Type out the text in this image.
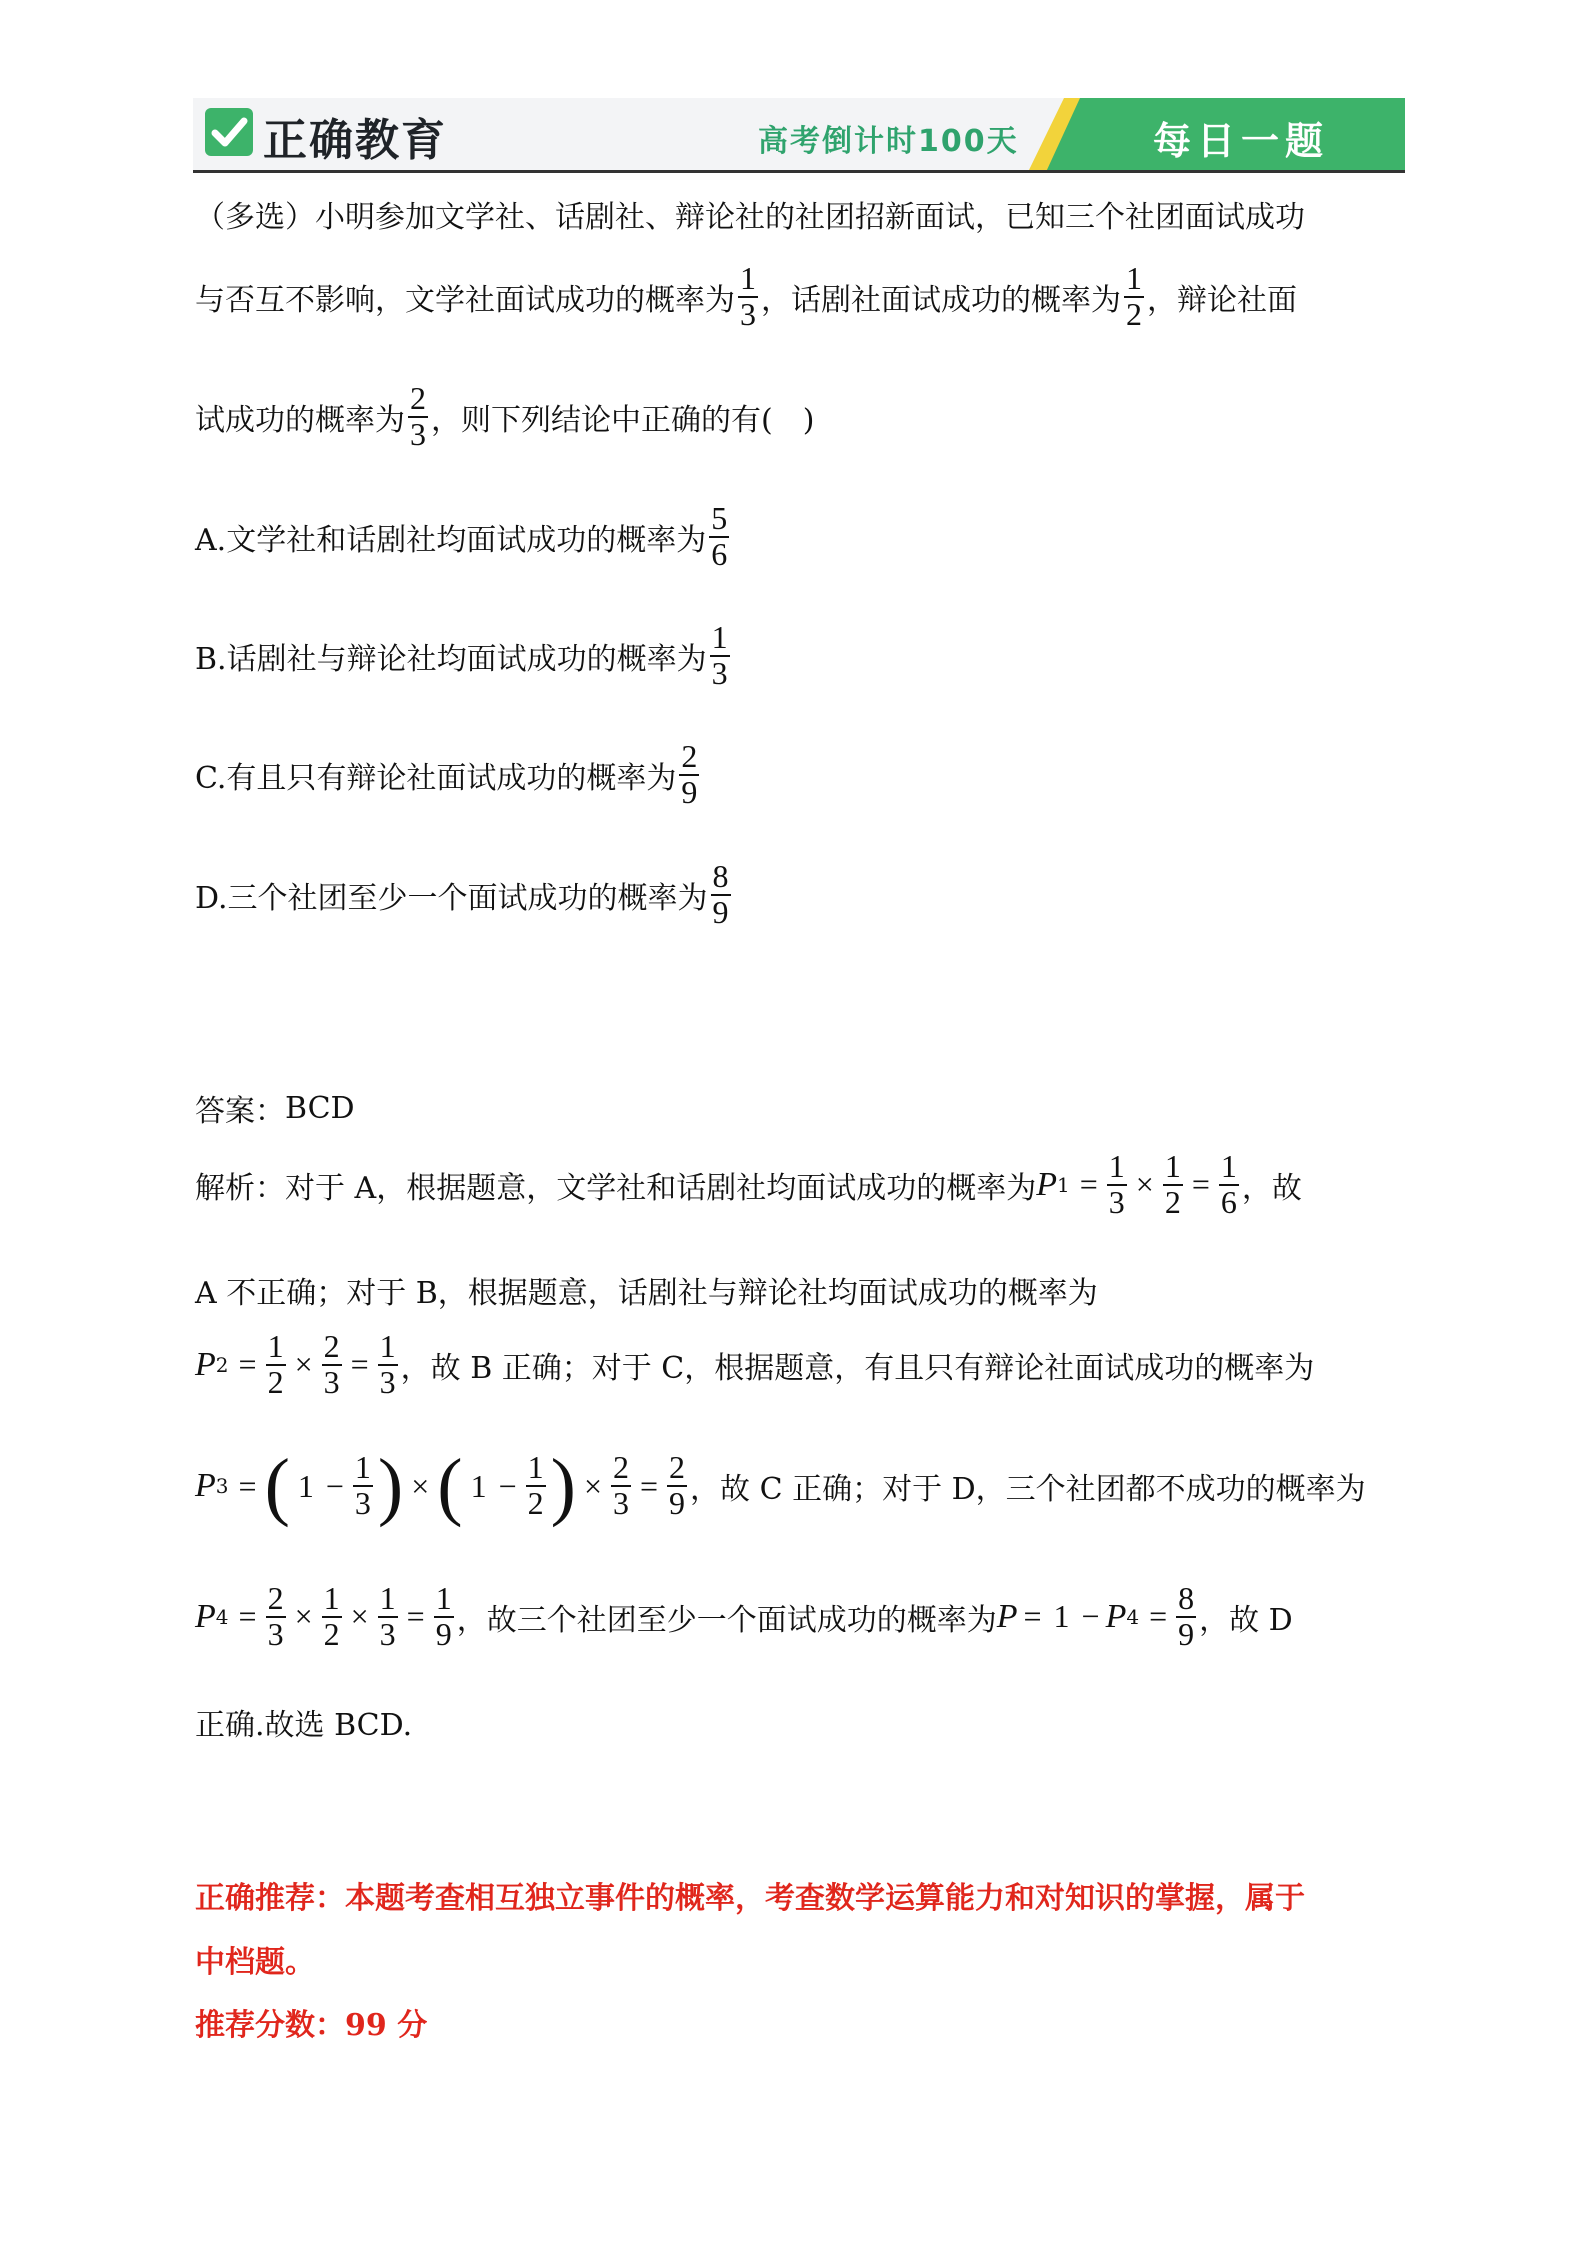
正确教育	高考倒计时100天	每日一题
（多选）小明参加文学社、话剧社、辩论社的社团招新面试，已知三个社团面试成功
与否互不影响，文学社面试成功的概率为 $\frac{1}{3}$ ，话剧社面试成功的概率为 $\frac{1}{2}$ ，辩论社面
试成功的概率为 $\frac{2}{3}$ ，则下列结论中正确的有(　)
A.文学社和话剧社均面试成功的概率为 $\frac{5}{6}$
B.话剧社与辩论社均面试成功的概率为 $\frac{1}{3}$
C.有且只有辩论社面试成功的概率为 $\frac{2}{9}$
D.三个社团至少一个面试成功的概率为 $\frac{8}{9}$
答案： BCD
解析：对于 A，根据题意，文学社和话剧社均面试成功的概率为 P $1 = \frac{1}{3} \times \frac{1}{2} = \frac{1}{6}$ ，故
A 不正确；对于 B，根据题意，话剧社与辩论社均面试成功的概率为
P $2 = \frac{1}{2} \times \frac{2}{3} = \frac{1}{3}$ ，故 B 正确；对于 C，根据题意，有且只有辩论社面试成功的概率为
P 3 = ( $1 - \frac{1}{3}$ ) × ( $1 - \frac{1}{2}$ ) × $\frac{2}{3} = \frac{2}{9}$ ，故 C 正确；对于 D，三个社团都不成功的概率为
P $4 = \frac{2}{3} \times \frac{1}{2} \times \frac{1}{3} = \frac{1}{9}$ ，故三个社团至少一个面试成功的概率为 P = 1 − P $4 = \frac{8}{9}$ ，故 D
正确.故选 BCD.
正确推荐：本题考查相互独立事件的概率，考查数学运算能力和对知识的掌握，属于
中档题。
推荐分数：99 分
